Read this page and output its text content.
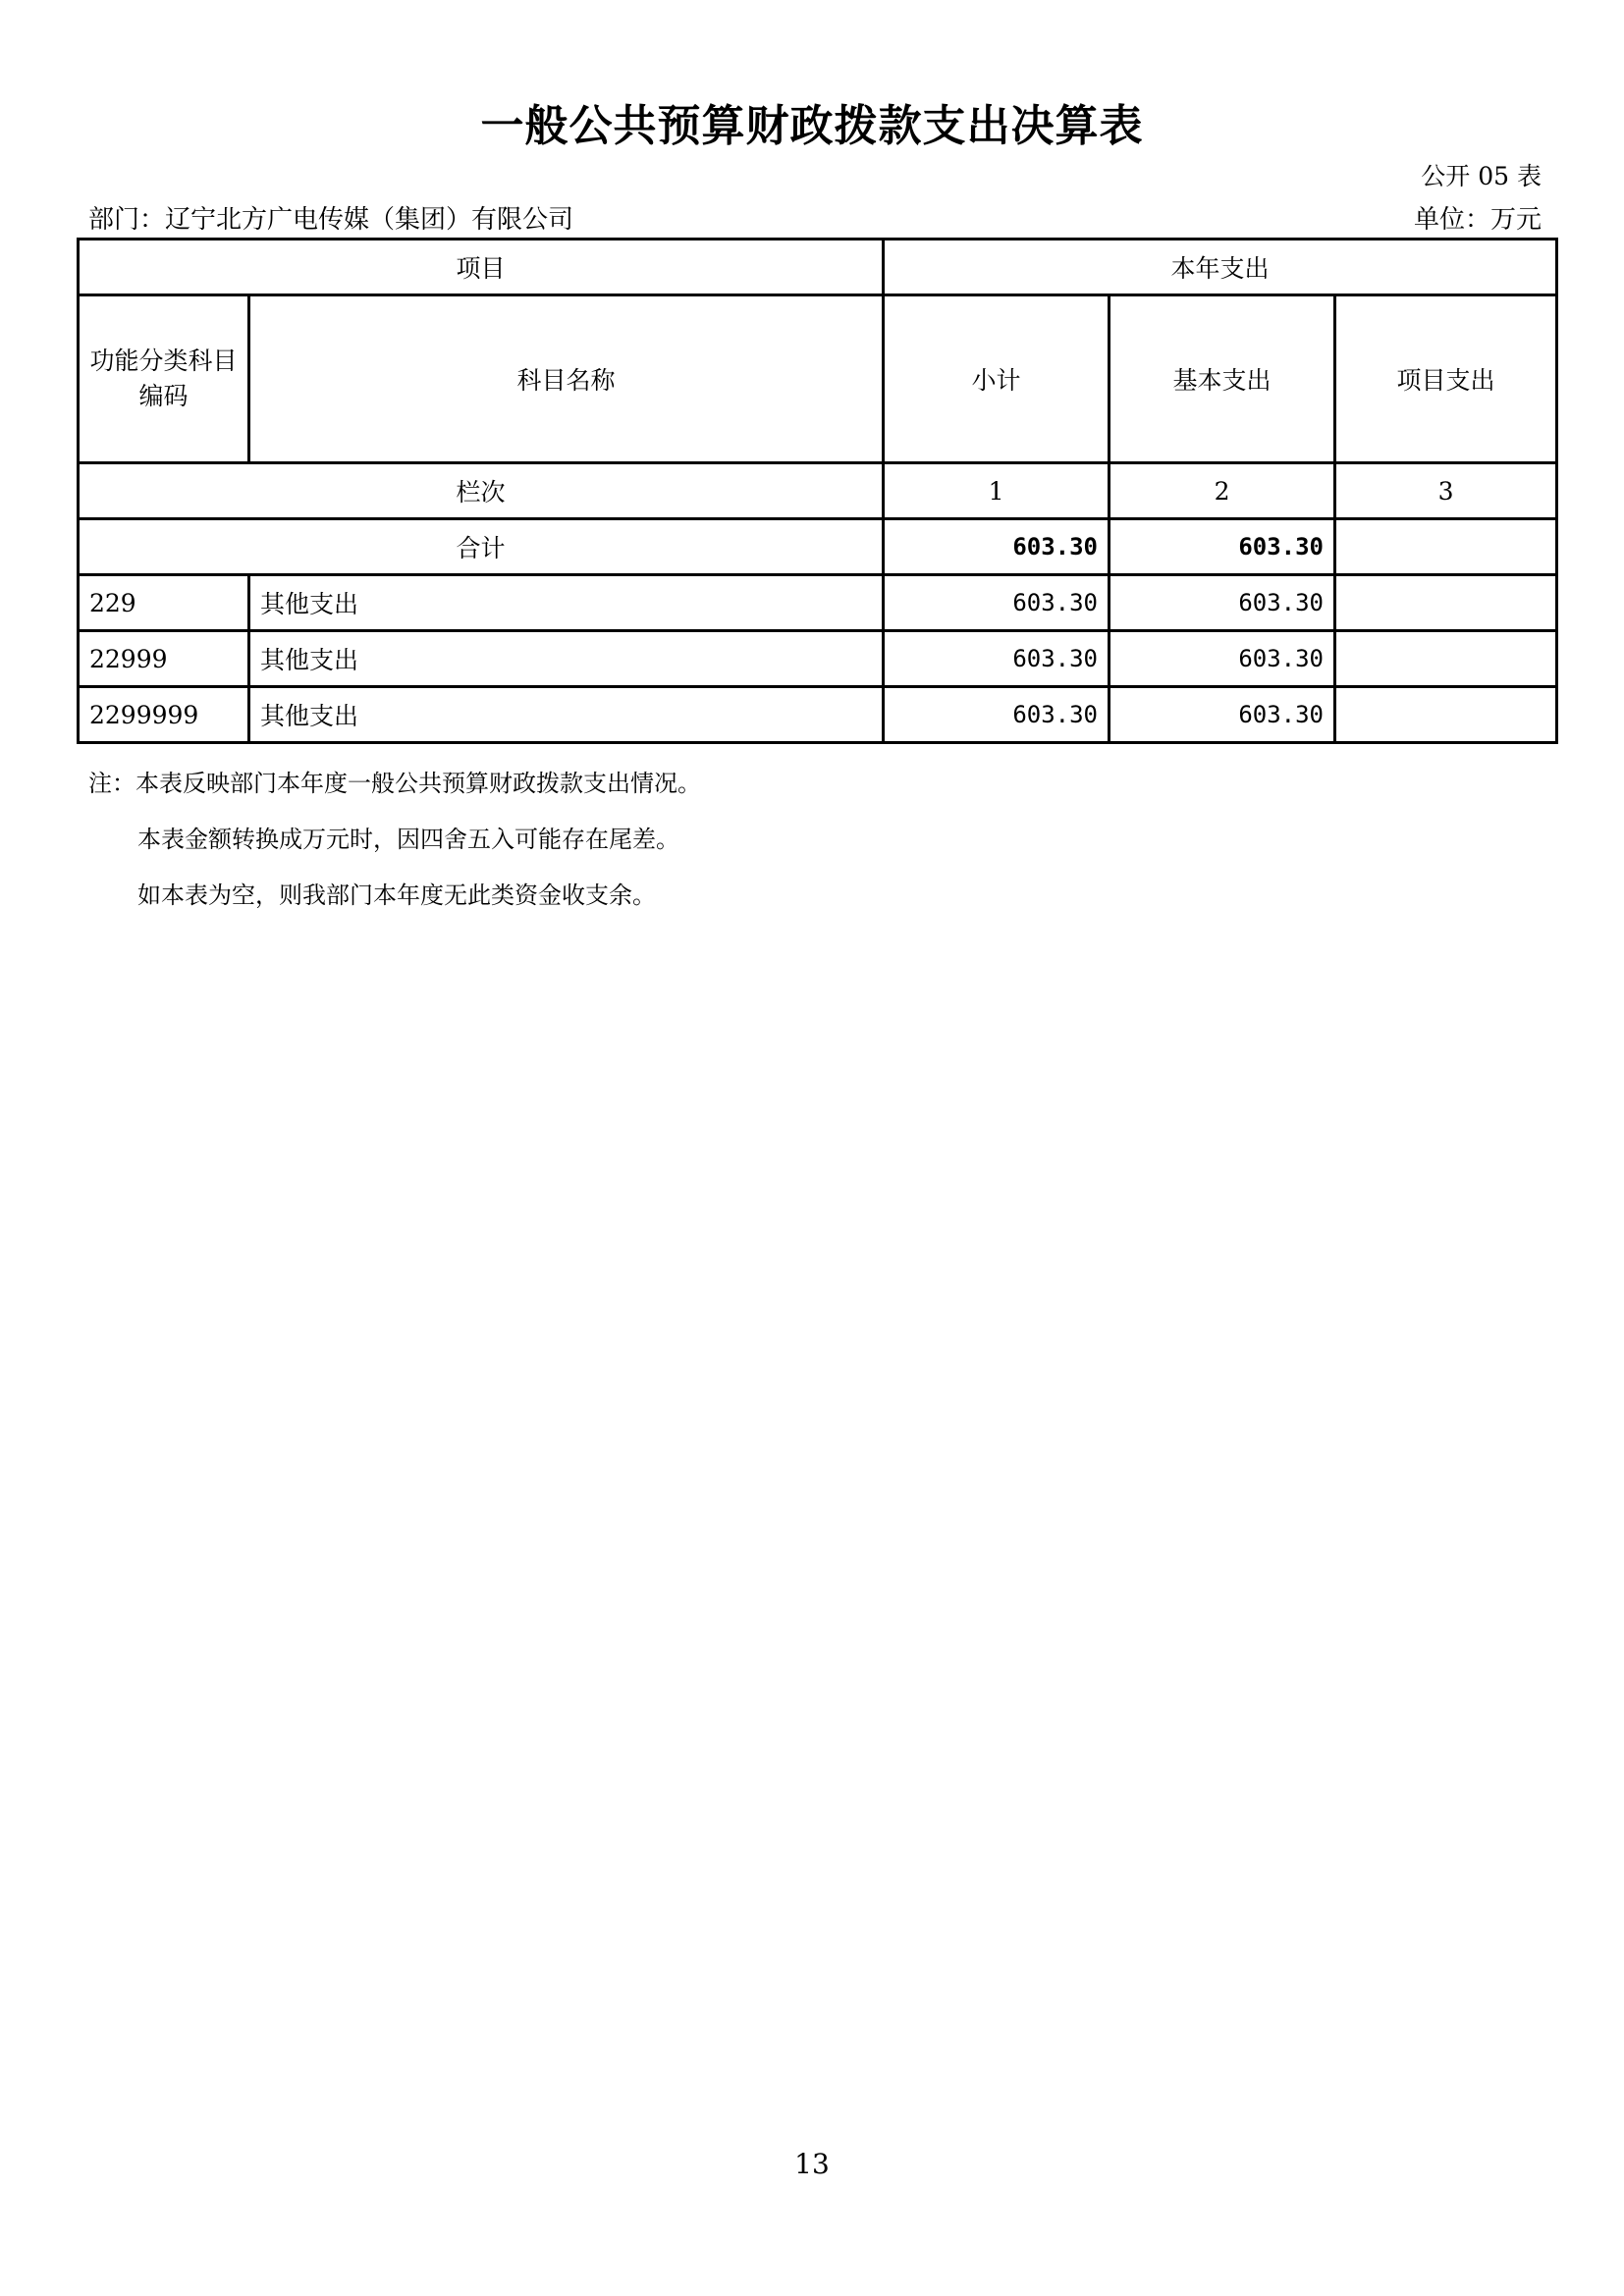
一般公共预算财政拨款支出决算表
公开 05 表
部门：辽宁北方广电传媒（集团）有限公司	单位：万元
项目		本年支出		
功能分类科目编码	科目名称	小计	基本支出	项目支出
栏次		1	2	3
合计		603.30	603.30	
229	其他支出	603.30	603.30	
22999	其他支出	603.30	603.30	
2299999	其他支出	603.30	603.30	
注：本表反映部门本年度一般公共预算财政拨款支出情况。
本表金额转换成万元时，因四舍五入可能存在尾差。
如本表为空，则我部门本年度无此类资金收支余。
13
